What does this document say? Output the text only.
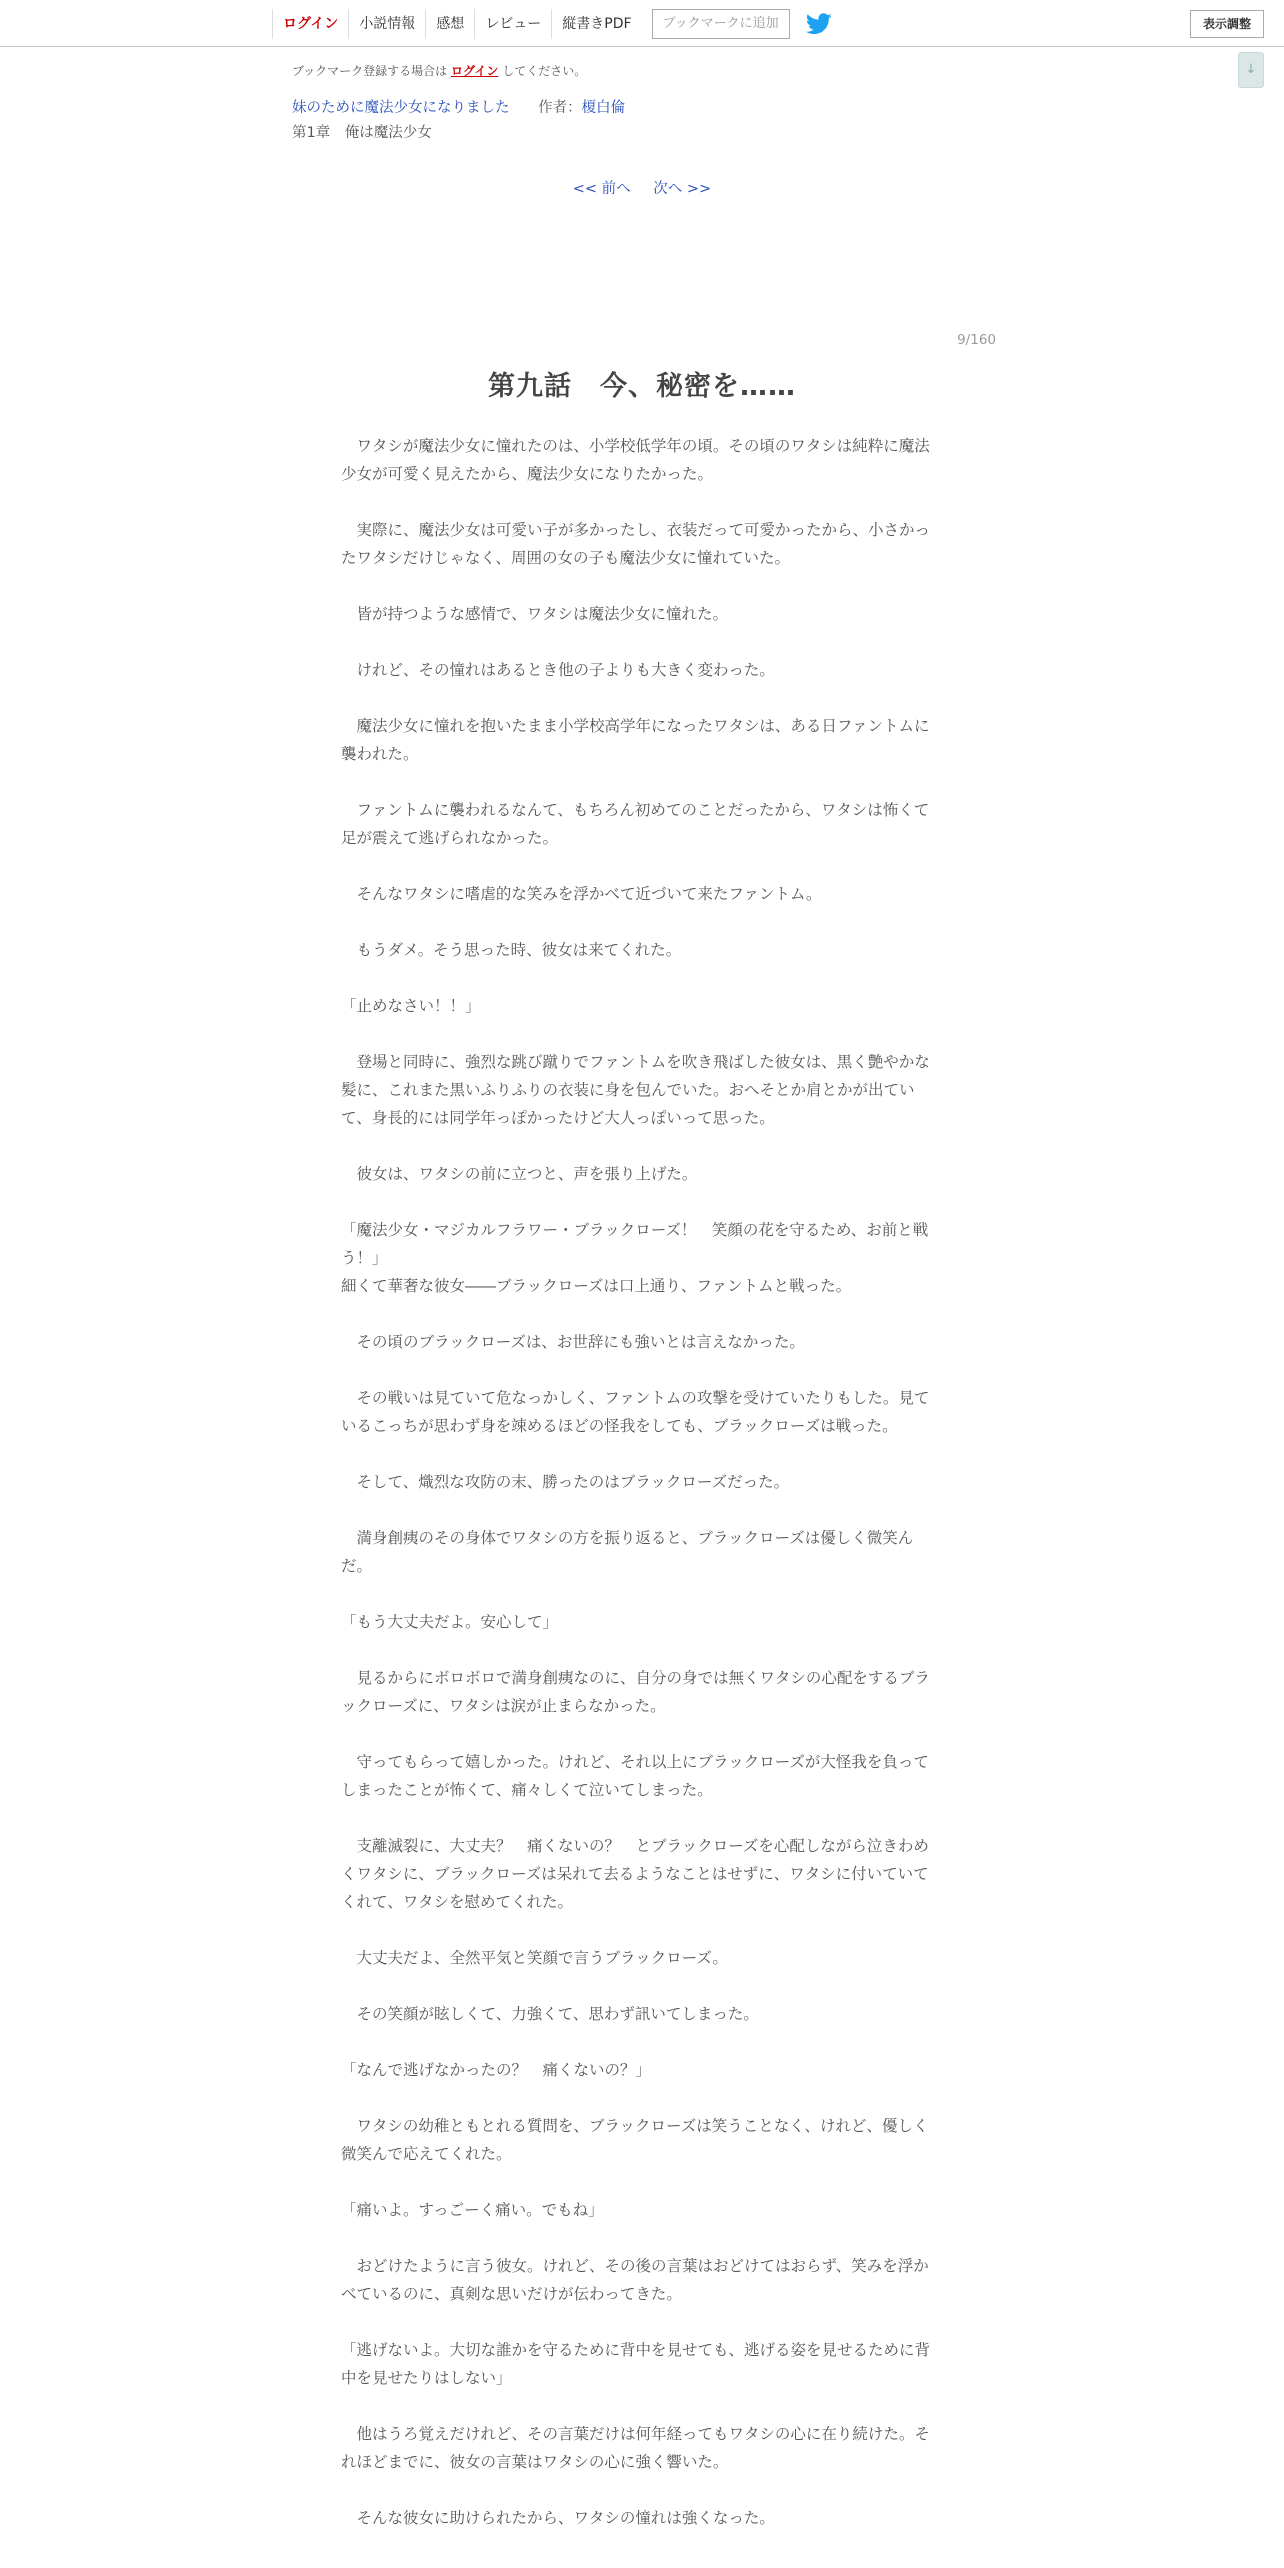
ログイン	小説情報	感想	レビュー	縦書きPDF	ブックマークに追加	表示調整
↓
ブックマーク登録する場合は ログイン してください。
妹のために魔法少女になりました 作者：榎白倫
第1章　俺は魔法少女
<< 前へ 次へ >>
9/160
第九話　今、秘密を……

　ワタシが魔法少女に憧れたのは、小学校低学年の頃。その頃のワタシは純粋に魔法少女が可愛く見えたから、魔法少女になりたかった。

　実際に、魔法少女は可愛い子が多かったし、衣装だって可愛かったから、小さかったワタシだけじゃなく、周囲の女の子も魔法少女に憧れていた。

　皆が持つような感情で、ワタシは魔法少女に憧れた。

　けれど、その憧れはあるとき他の子よりも大きく変わった。

　魔法少女に憧れを抱いたまま小学校高学年になったワタシは、ある日ファントムに襲われた。

　ファントムに襲われるなんて、もちろん初めてのことだったから、ワタシは怖くて足が震えて逃げられなかった。

　そんなワタシに嗜虐的な笑みを浮かべて近づいて来たファントム。

　もうダメ。そう思った時、彼女は来てくれた。

「止めなさい！！」

　登場と同時に、強烈な跳び蹴りでファントムを吹き飛ばした彼女は、黒く艶やかな髪に、これまた黒いふりふりの衣装に身を包んでいた。おへそとか肩とかが出ていて、身長的には同学年っぽかったけど大人っぽいって思った。

　彼女は、ワタシの前に立つと、声を張り上げた。

「魔法少女・マジカルフラワー・ブラックローズ！　笑顔の花を守るため、お前と戦う！」

細くて華奢な彼女――ブラックローズは口上通り、ファントムと戦った。

　その頃のブラックローズは、お世辞にも強いとは言えなかった。

　その戦いは見ていて危なっかしく、ファントムの攻撃を受けていたりもした。見ているこっちが思わず身を竦めるほどの怪我をしても、ブラックローズは戦った。

　そして、熾烈な攻防の末、勝ったのはブラックローズだった。

　満身創痍のその身体でワタシの方を振り返ると、ブラックローズは優しく微笑んだ。

「もう大丈夫だよ。安心して」

　見るからにボロボロで満身創痍なのに、自分の身では無くワタシの心配をするブラックローズに、ワタシは涙が止まらなかった。

　守ってもらって嬉しかった。けれど、それ以上にブラックローズが大怪我を負ってしまったことが怖くて、痛々しくて泣いてしまった。

　支離滅裂に、大丈夫？　痛くないの？　とブラックローズを心配しながら泣きわめくワタシに、ブラックローズは呆れて去るようなことはせずに、ワタシに付いていてくれて、ワタシを慰めてくれた。

　大丈夫だよ、全然平気と笑顔で言うブラックローズ。

　その笑顔が眩しくて、力強くて、思わず訊いてしまった。

「なんで逃げなかったの？　痛くないの？」

　ワタシの幼稚ともとれる質問を、ブラックローズは笑うことなく、けれど、優しく微笑んで応えてくれた。

「痛いよ。すっごーく痛い。でもね」

　おどけたように言う彼女。けれど、その後の言葉はおどけてはおらず、笑みを浮かべているのに、真剣な思いだけが伝わってきた。

「逃げないよ。大切な誰かを守るために背中を見せても、逃げる姿を見せるために背中を見せたりはしない」

　他はうろ覚えだけれど、その言葉だけは何年経ってもワタシの心に在り続けた。それほどまでに、彼女の言葉はワタシの心に強く響いた。

　そんな彼女に助けられたから、ワタシの憧れは強くなった。
